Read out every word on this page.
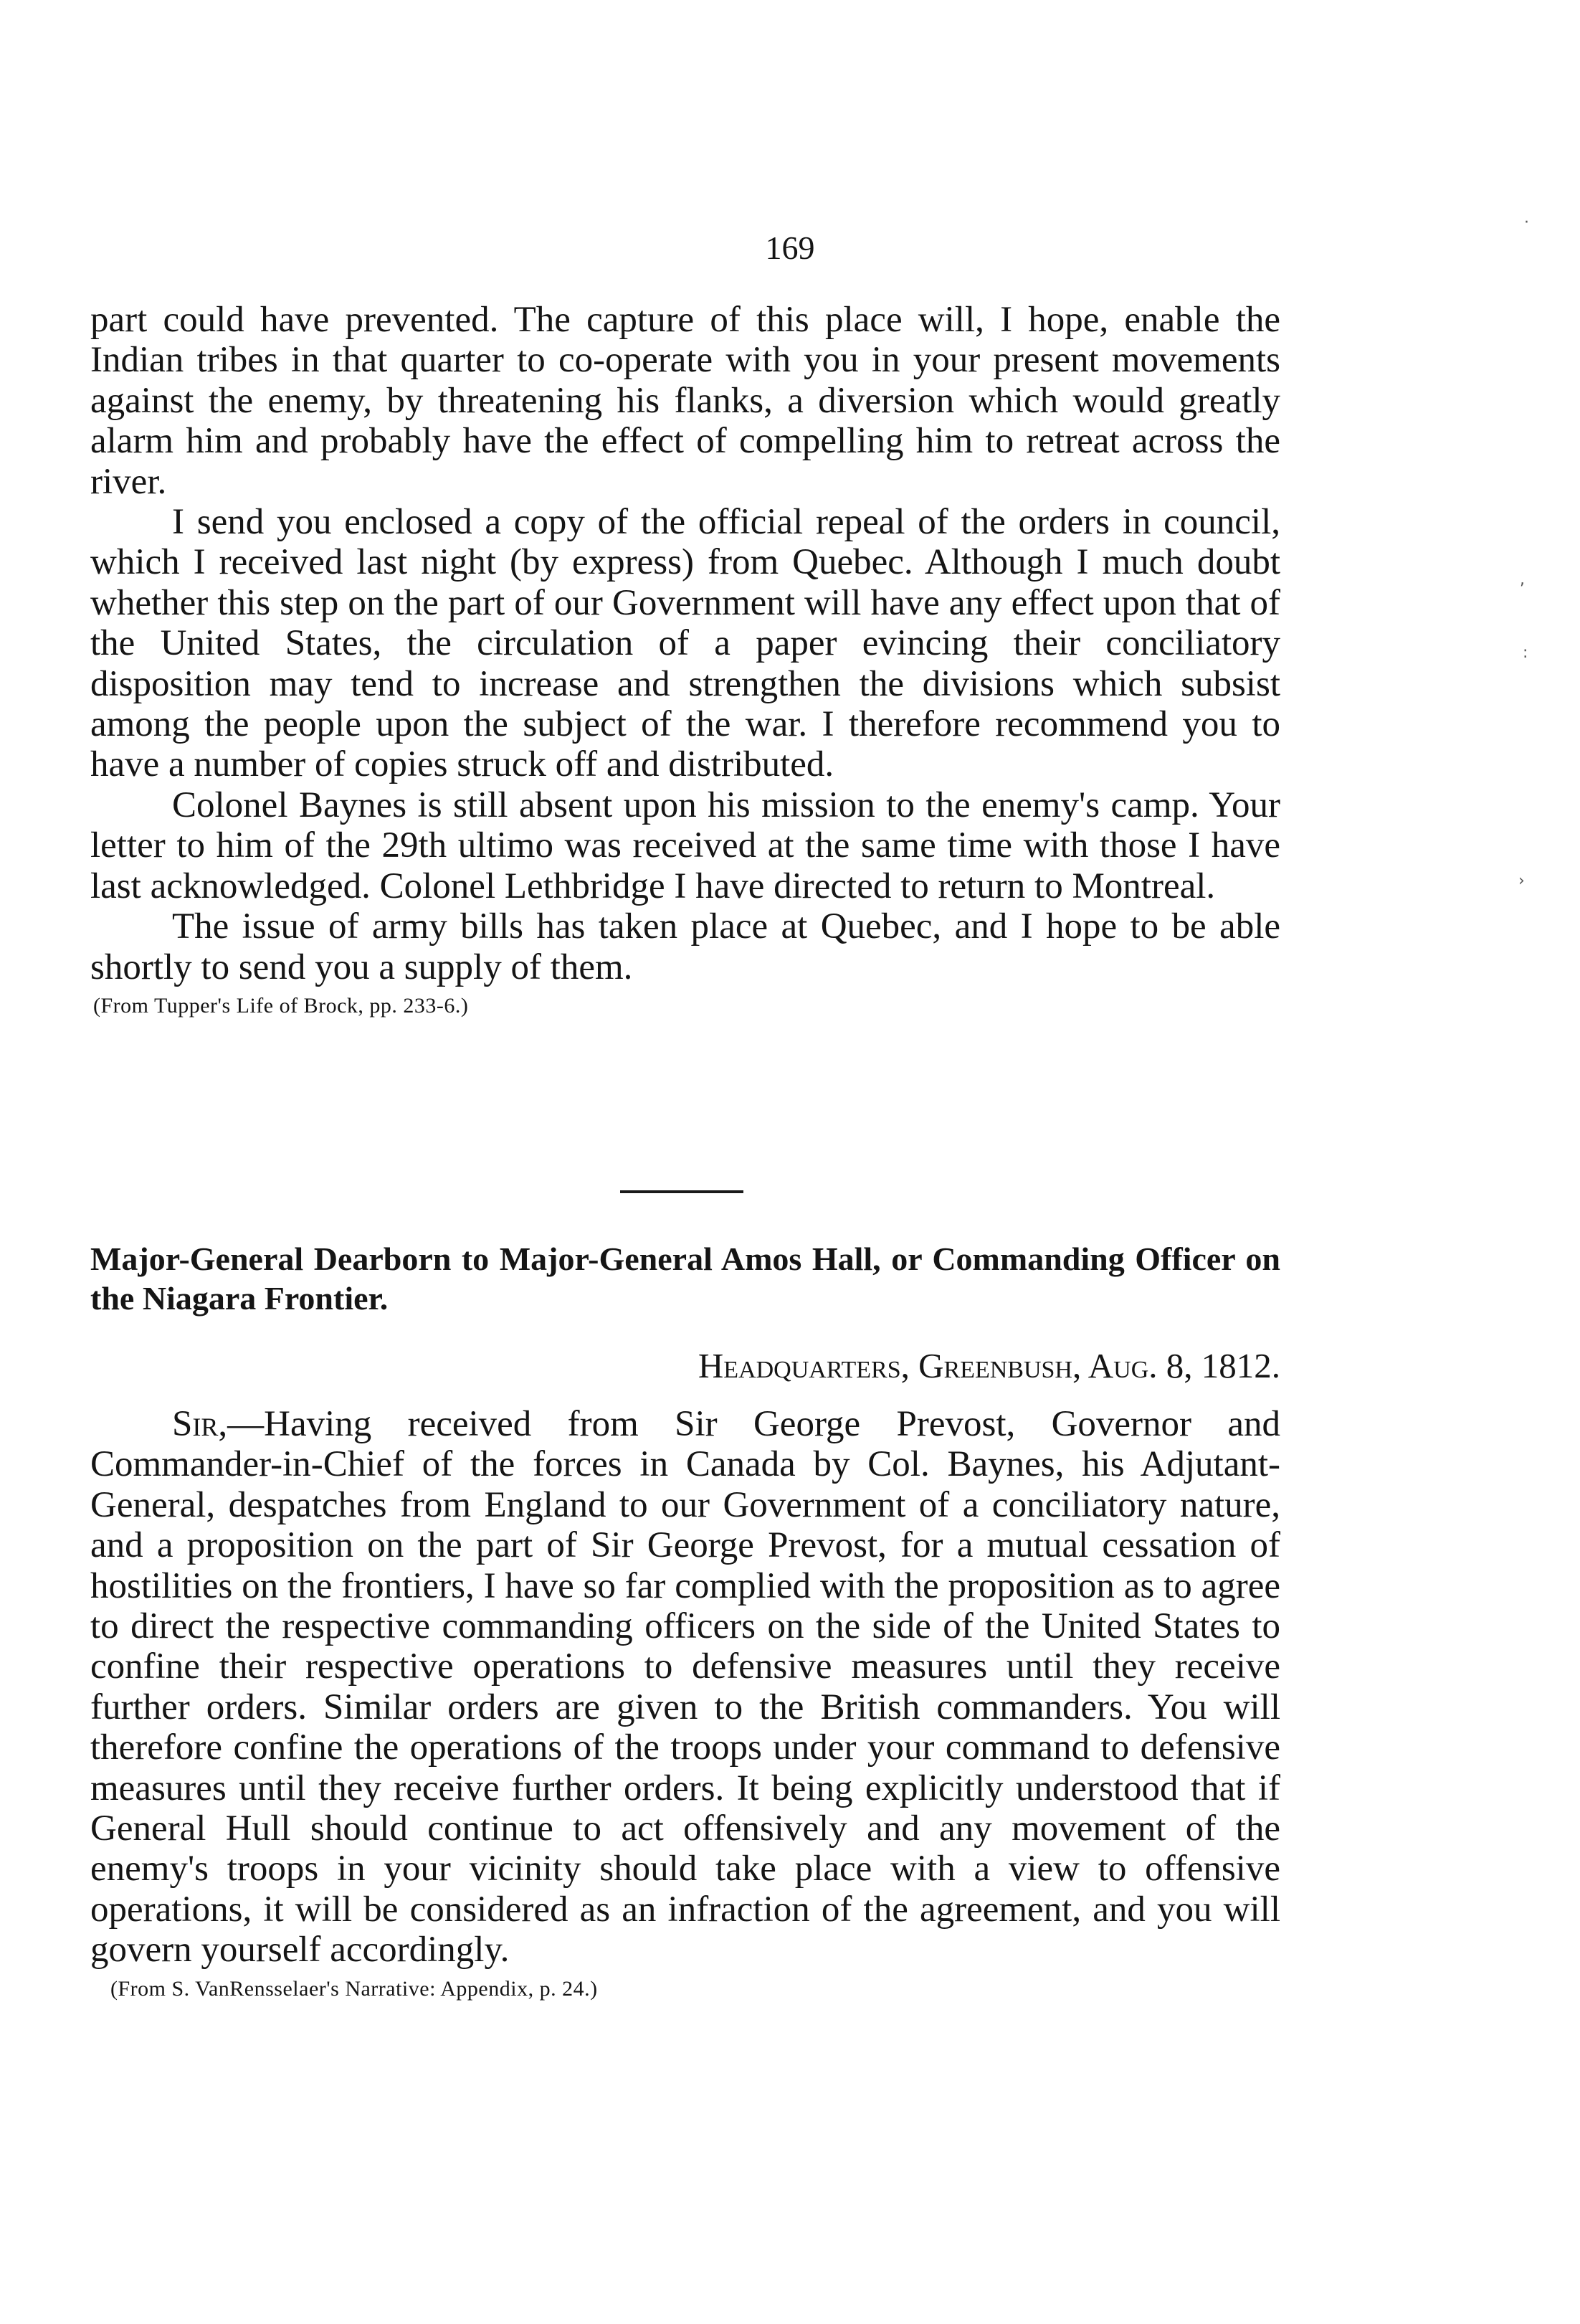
169

part could have prevented. The capture of this place will, I hope, enable the Indian tribes in that quarter to co-operate with you in your present movements against the enemy, by threatening his flanks, a diversion which would greatly alarm him and probably have the effect of compelling him to retreat across the river.

I send you enclosed a copy of the official repeal of the orders in council, which I received last night (by express) from Quebec. Although I much doubt whether this step on the part of our Government will have any effect upon that of the United States, the circulation of a paper evincing their conciliatory disposition may tend to increase and strengthen the divisions which subsist among the people upon the subject of the war. I therefore recommend you to have a number of copies struck off and distributed.

Colonel Baynes is still absent upon his mission to the enemy's camp. Your letter to him of the 29th ultimo was received at the same time with those I have last acknowledged. Colonel Lethbridge I have directed to return to Montreal.

The issue of army bills has taken place at Quebec, and I hope to be able shortly to send you a supply of them.

(From Tupper's Life of Brock, pp. 233-6.)
Major-General Dearborn to Major-General Amos Hall, or Commanding Officer on the Niagara Frontier.
Headquarters, Greenbush, Aug. 8, 1812.

Sir,—Having received from Sir George Prevost, Governor and Commander-in-Chief of the forces in Canada by Col. Baynes, his Adjutant-General, despatches from England to our Government of a conciliatory nature, and a proposition on the part of Sir George Prevost, for a mutual cessation of hostilities on the frontiers, I have so far complied with the proposition as to agree to direct the respective commanding officers on the side of the United States to confine their respective operations to defensive measures until they receive further orders. Similar orders are given to the British commanders. You will therefore confine the operations of the troops under your command to defensive measures until they receive further orders. It being explicitly understood that if General Hull should continue to act offensively and any movement of the enemy's troops in your vicinity should take place with a view to offensive operations, it will be considered as an infraction of the agreement, and you will govern yourself accordingly.

(From S. VanRensselaer's Narrative: Appendix, p. 24.)
·
,
:
›
